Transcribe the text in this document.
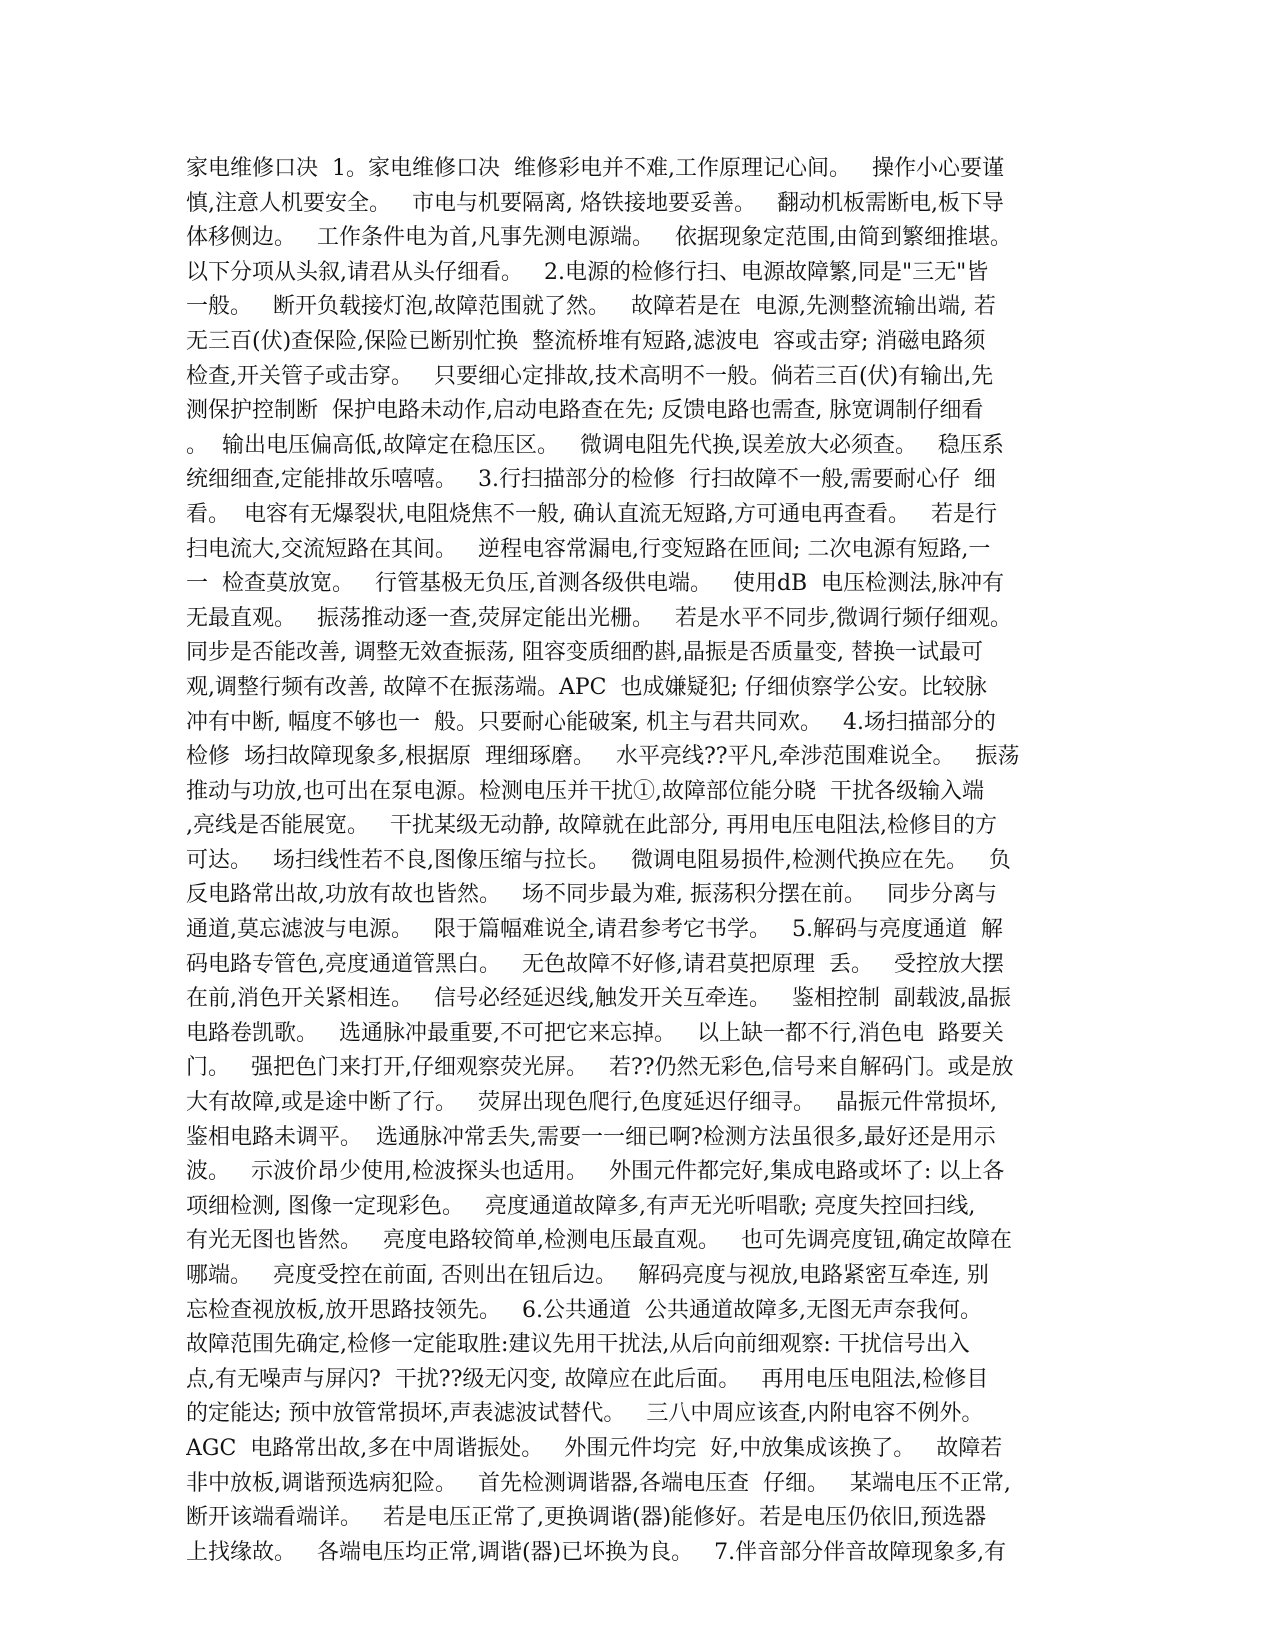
家电维修口决  1。家电维修口决  维修彩电并不难,工作原理记心间。   操作小心要谨
慎,注意人机要安全。   市电与机要隔离, 烙铁接地要妥善。   翻动机板需断电,板下导
体移侧边。   工作条件电为首,凡事先测电源端。   依据现象定范围,由简到繁细推堪。
以下分项从头叙,请君从头仔细看。   2.电源的检修行扫、电源故障繁,同是"三无"皆
一般。   断开负载接灯泡,故障范围就了然。   故障若是在  电源,先测整流输出端, 若
无三百(伏)查保险,保险已断别忙换  整流桥堆有短路,滤波电  容或击穿; 消磁电路须
检查,开关管子或击穿。   只要细心定排故,技术高明不一般。倘若三百(伏)有输出,先
测保护控制断  保护电路未动作,启动电路查在先; 反馈电路也需查, 脉宽调制仔细看
。  输出电压偏高低,故障定在稳压区。   微调电阻先代换,误差放大必须查。   稳压系
统细细查,定能排故乐嘻嘻。   3.行扫描部分的检修  行扫故障不一般,需要耐心仔  细
看。  电容有无爆裂状,电阻烧焦不一般, 确认直流无短路,方可通电再查看。   若是行
扫电流大,交流短路在其间。   逆程电容常漏电,行变短路在匝间; 二次电源有短路,一
一  检查莫放宽。   行管基极无负压,首测各级供电端。   使用dB  电压检测法,脉冲有
无最直观。   振荡推动逐一查,荧屏定能出光栅。   若是水平不同步,微调行频仔细观。
同步是否能改善, 调整无效查振荡, 阻容变质细酌斟,晶振是否质量变, 替换一试最可
观,调整行频有改善, 故障不在振荡端。APC  也成嫌疑犯; 仔细侦察学公安。比较脉
冲有中断, 幅度不够也一  般。只要耐心能破案, 机主与君共同欢。   4.场扫描部分的
检修  场扫故障现象多,根据原  理细琢磨。   水平亮线??平凡,牵涉范围难说全。   振荡
推动与功放,也可出在泵电源。检测电压并干扰①,故障部位能分晓  干扰各级输入端
,亮线是否能展宽。   干扰某级无动静, 故障就在此部分, 再用电压电阻法,检修目的方
可达。   场扫线性若不良,图像压缩与拉长。   微调电阻易损件,检测代换应在先。   负
反电路常出故,功放有故也皆然。   场不同步最为难, 振荡积分摆在前。   同步分离与
通道,莫忘滤波与电源。   限于篇幅难说全,请君参考它书学。   5.解码与亮度通道  解
码电路专管色,亮度通道管黑白。   无色故障不好修,请君莫把原理  丢。   受控放大摆
在前,消色开关紧相连。   信号必经延迟线,触发开关互牵连。   鉴相控制  副载波,晶振
电路卷凯歌。   选通脉冲最重要,不可把它来忘掉。   以上缺一都不行,消色电  路要关
门。   强把色门来打开,仔细观察荧光屏。   若??仍然无彩色,信号来自解码门。或是放
大有故障,或是途中断了行。   荧屏出现色爬行,色度延迟仔细寻。   晶振元件常损坏,
鉴相电路未调平。  选通脉冲常丢失,需要一一细已啊?检测方法虽很多,最好还是用示
波。   示波价昂少使用,检波探头也适用。   外围元件都完好,集成电路或坏了: 以上各
项细检测, 图像一定现彩色。   亮度通道故障多,有声无光听唱歌; 亮度失控回扫线,
有光无图也皆然。   亮度电路较简单,检测电压最直观。   也可先调亮度钮,确定故障在
哪端。   亮度受控在前面, 否则出在钮后边。   解码亮度与视放,电路紧密互牵连, 别
忘检查视放板,放开思路技领先。   6.公共通道  公共通道故障多,无图无声奈我何。
故障范围先确定,检修一定能取胜:建议先用干扰法,从后向前细观察: 干扰信号出入
点,有无噪声与屏闪?  干扰??级无闪变, 故障应在此后面。   再用电压电阻法,检修目
的定能达; 预中放管常损坏,声表滤波试替代。   三八中周应该查,内附电容不例外。
AGC  电路常出故,多在中周谐振处。   外围元件均完  好,中放集成该换了。   故障若
非中放板,调谐预选病犯险。   首先检测调谐器,各端电压查  仔细。   某端电压不正常,
断开该端看端详。   若是电压正常了,更换调谐(器)能修好。若是电压仍依旧,预选器
上找缘故。   各端电压均正常,调谐(器)已坏换为良。   7.伴音部分伴音故障现象多,有
